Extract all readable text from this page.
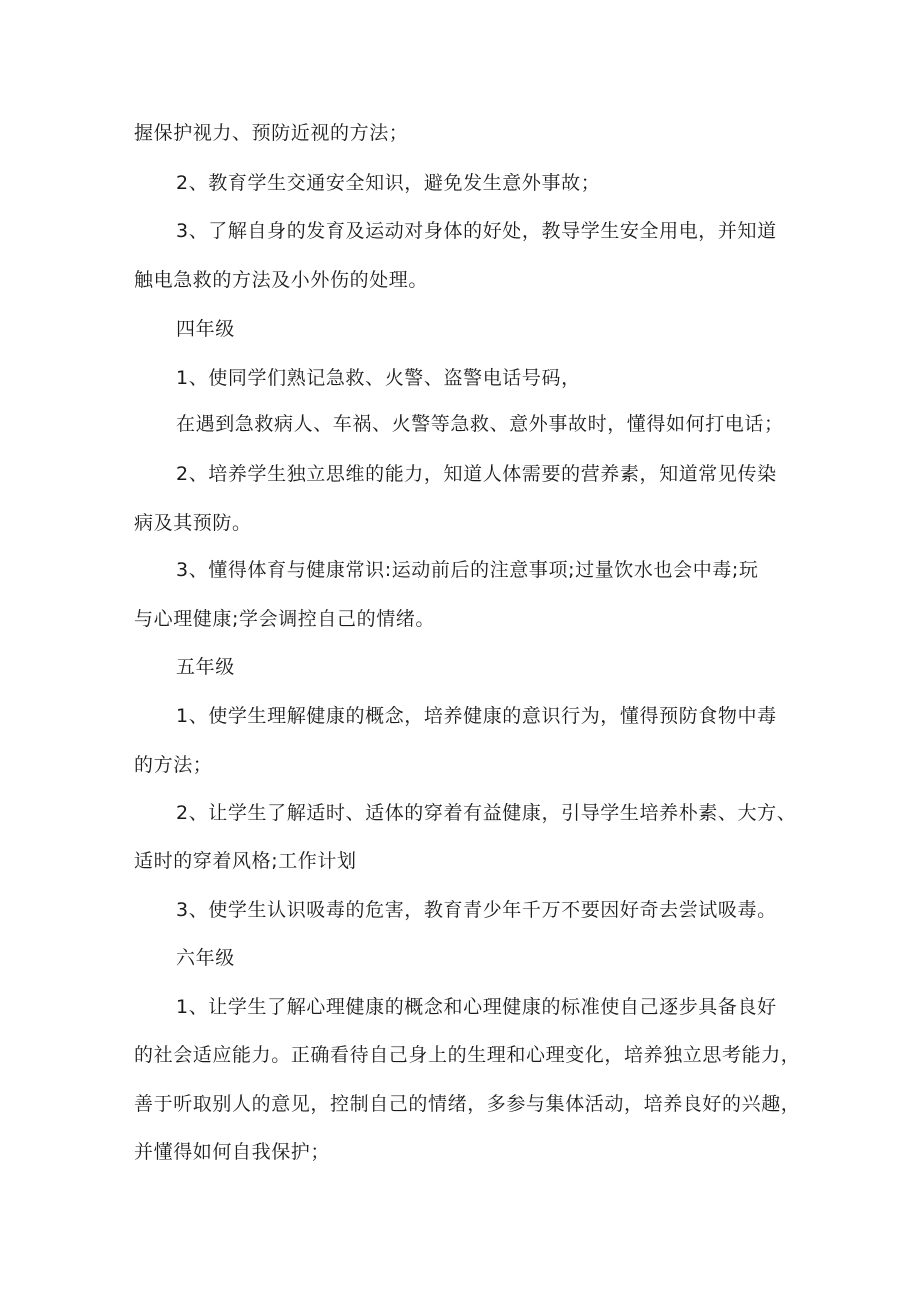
握保护视力、预防近视的方法；
2、教育学生交通安全知识，避免发生意外事故；
3、了解自身的发育及运动对身体的好处，教导学生安全用电，并知道
触电急救的方法及小外伤的处理。
四年级
1、使同学们熟记急救、火警、盗警电话号码，
在遇到急救病人、车祸、火警等急救、意外事故时，懂得如何打电话；
2、培养学生独立思维的能力，知道人体需要的营养素，知道常见传染
病及其预防。
3、懂得体育与健康常识:运动前后的注意事项;过量饮水也会中毒;玩
与心理健康;学会调控自己的情绪。
五年级
1、使学生理解健康的概念，培养健康的意识行为，懂得预防食物中毒
的方法；
2、让学生了解适时、适体的穿着有益健康，引导学生培养朴素、大方、
适时的穿着风格;工作计划
3、使学生认识吸毒的危害，教育青少年千万不要因好奇去尝试吸毒。
六年级
1、让学生了解心理健康的概念和心理健康的标准使自己逐步具备良好
的社会适应能力。正确看待自己身上的生理和心理变化，培养独立思考能力，
善于听取别人的意见，控制自己的情绪，多参与集体活动，培养良好的兴趣，
并懂得如何自我保护；
